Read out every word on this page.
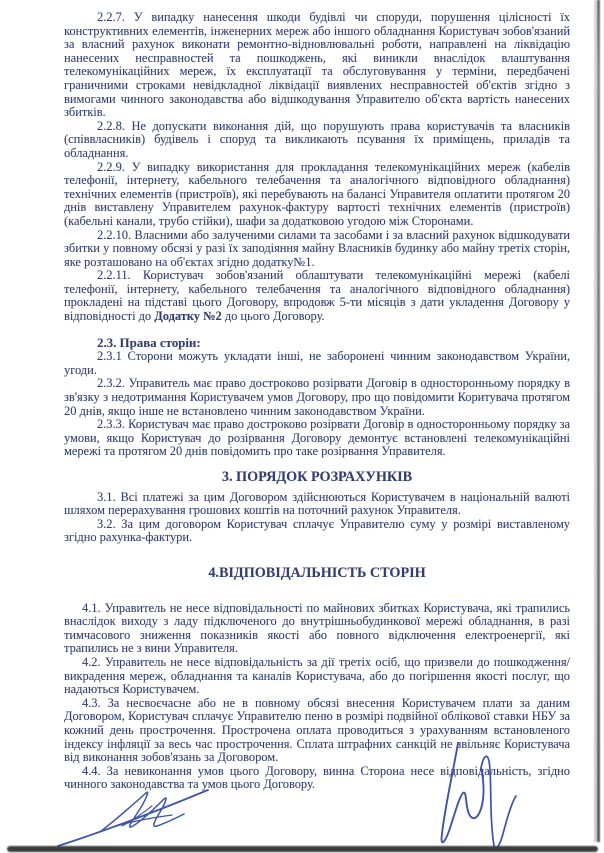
2.2.7. У випадку нанесення шкоди будівлі чи споруди, порушення цілісності їх конструктивних елементів, інженерних мереж або іншого обладнання Користувач зобов'язаний за власний рахунок виконати ремонтно-відновлювальні роботи, направлені на ліквідацію нанесених несправностей та пошкоджень, які виникли внаслідок влаштування телекомунікаційних мереж, їх експлуатації та обслуговування у терміни, передбачені граничними строками невідкладної ліквідації виявлених несправностей об'єктів згідно з вимогами чинного законодавства або відшкодування Управителю об'єкта вартість нанесених збитків.

2.2.8. Не допускати виконання дій, що порушують права користувачів та власників (співвласників) будівель і споруд та викликають псування їх приміщень, приладів та обладнання.

2.2.9. У випадку використання для прокладання телекомунікаційних мереж (кабелів телефонії, інтернету, кабельного телебачення та аналогічного відповідного обладнання) технічних елементів (пристроїв), які перебувають на балансі Управителя оплатити протягом 20 днів виставлену Управителем рахунок-фактуру вартості технічних елементів (пристроїв) (кабельні канали, трубо стійки), шафи за додатковою угодою між Сторонами.

2.2.10. Власними або залученими силами та засобами і за власний рахунок відшкодувати збитки у повному обсязі у разі їх заподіяння майну Власників будинку або майну третіх сторін, яке розташовано на об'єктах згідно додатку№1.

2.2.11. Користувач зобов'язаний облаштувати телекомунікаційні мережі (кабелі телефонії, інтернету, кабельного телебачення та аналогічного відповідного обладнання) прокладені на підставі цього Договору, впродовж 5-ти місяців з дати укладення Договору у відповідності до Додатку №2 до цього Договору.

2.3. Права сторін:

2.3.1 Сторони можуть укладати інші, не заборонені чинним законодавством України, угоди.

2.3.2. Управитель має право достроково розірвати Договір в односторонньому порядку в зв'язку з недотримання Користувачем умов Договору, про що повідомити Коритувача протягом 20 днів, якщо інше не встановлено чинним законодавством України.

2.3.3. Користувач має право достроково розірвати Договір в односторонньому порядку за умови, якщо Користувач до розірвання Договору демонтує встановлені телекомунікаційні мережі та протягом 20 днів повідомить про таке розірвання Управителя.

3. ПОРЯДОК РОЗРАХУНКІВ

3.1. Всі платежі за цим Договором здійснюються Користувачем в національній валюті шляхом перерахування грошових коштів на поточний рахунок Управителя.

3.2. За цим договором Користувач сплачує Управителю суму у розмірі виставленому згідно рахунка-фактури.

4.ВІДПОВІДАЛЬНІСТЬ СТОРІН

4.1. Управитель не несе відповідальності по майнових збитках Користувача, які трапились внаслідок виходу з ладу підключеного до внутрішньобудинкової мережі обладнання, в разі тимчасового зниження показників якості або повного відключення електроенергії, які трапились не з вини Управителя.

4.2. Управитель не несе відповідальність за дії третіх осіб, що призвели до пошкодження/викрадення мереж, обладнання та каналів Користувача, або до погіршення якості послуг, що надаються Користувачем.

4.3. За несвоєчасне або не в повному обсязі внесення Користувачем плати за даним Договором, Користувач сплачує Управителю пеню в розмірі подвійної облікової ставки НБУ за кожний день прострочення. Прострочена оплата проводиться з урахуванням встановленого індексу інфляції за весь час прострочення. Сплата штрафних санкцій не звільняє Користувача від виконання зобов'язань за Договором.

4.4. За невиконання умов цього Договору, винна Сторона несе відповідальність, згідно чинного законодавства та умов цього Договору.
